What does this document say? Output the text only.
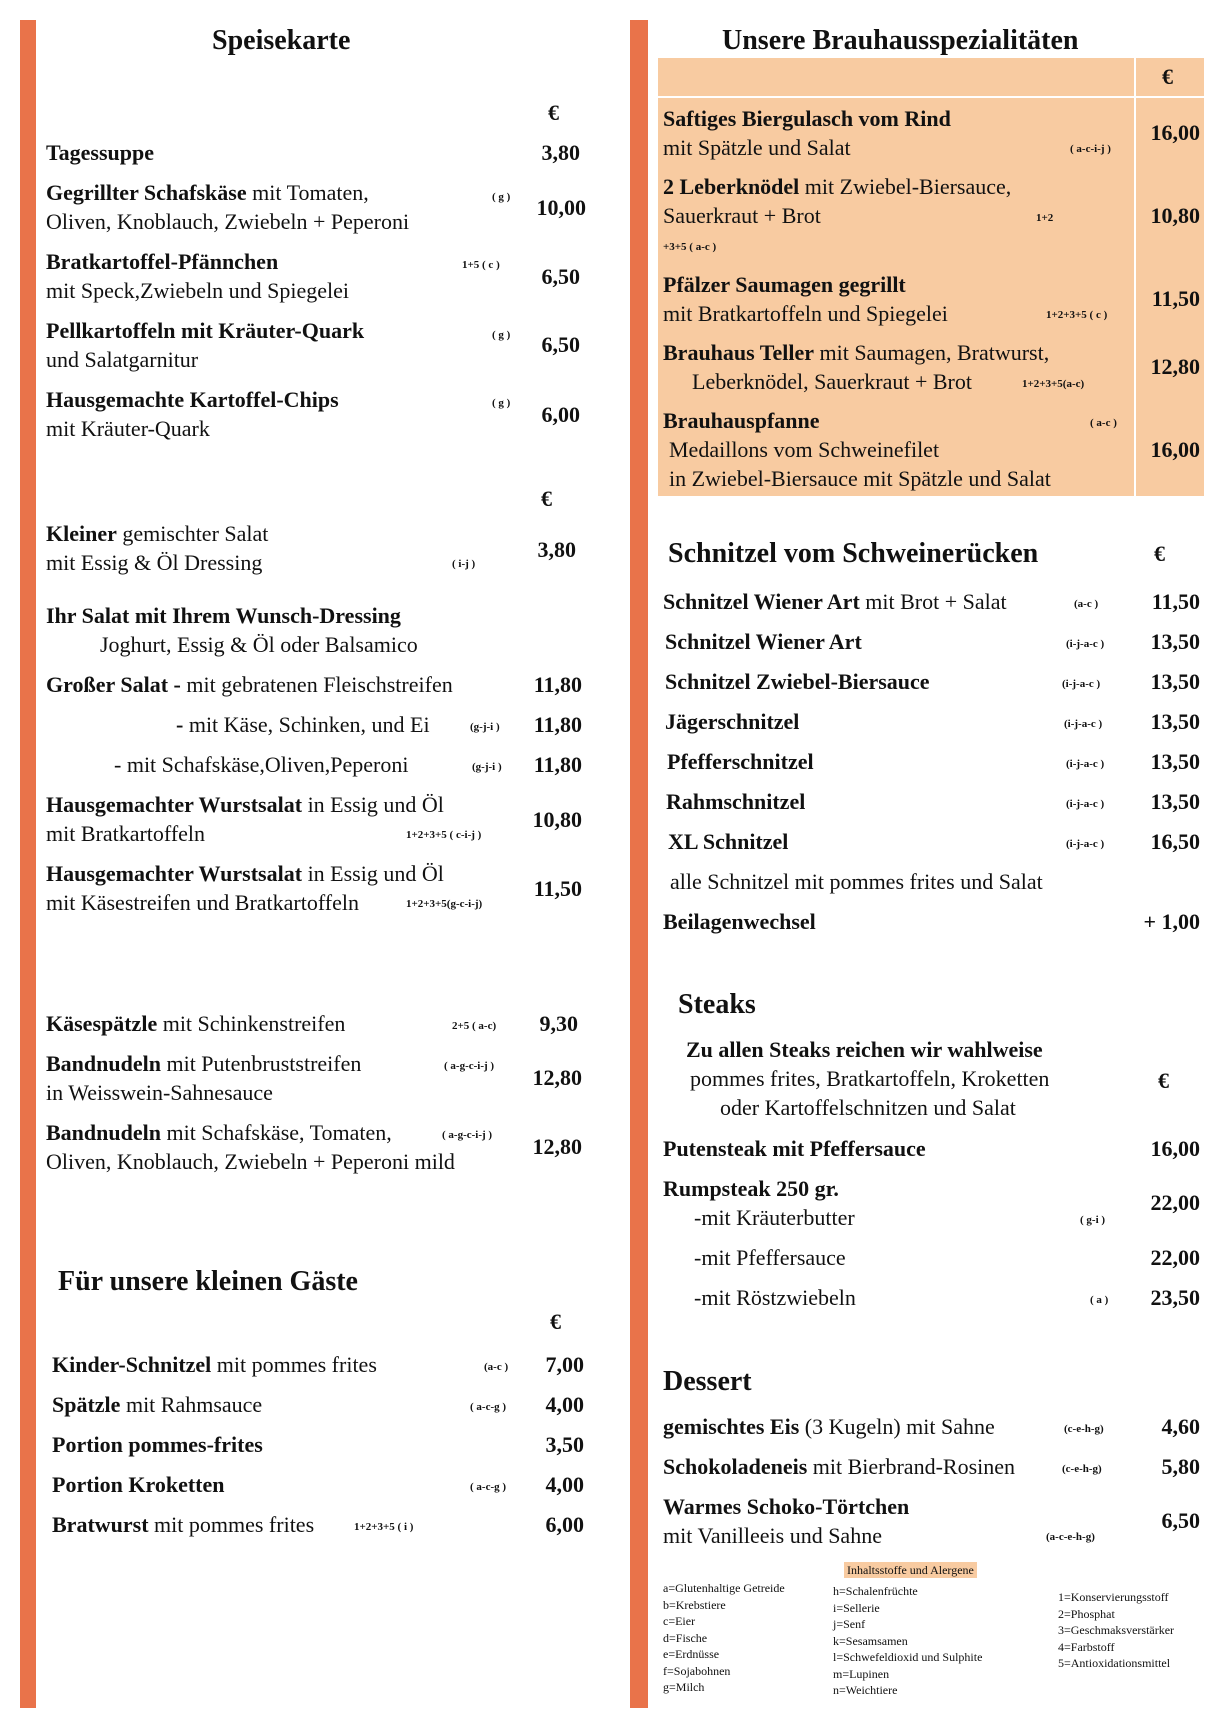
Speisekarte
€
Tagessuppe	3,80
Gegrillter Schafskäse mit Tomaten,
Oliven, Knoblauch, Zwiebeln + Peperoni
( g )	10,00
Bratkartoffel-Pfännchen
mit Speck,Zwiebeln und Spiegelei
1+5 ( c )	6,50
Pellkartoffeln mit Kräuter-Quark
und Salatgarnitur
( g )	6,50
Hausgemachte Kartoffel-Chips
mit Kräuter-Quark
( g )	6,00
€
Kleiner gemischter Salat
mit Essig & Öl Dressing	( i-j )
3,80
Ihr Salat mit Ihrem Wunsch-Dressing
Joghurt, Essig & Öl oder Balsamico
Großer Salat - mit gebratenen Fleischstreifen	11,80
- mit Käse, Schinken, und Ei	(g-j-i )	11,80
- mit Schafskäse,Oliven,Peperoni	(g-j-i )	11,80
Hausgemachter Wurstsalat in Essig und Öl
mit Bratkartoffeln	1+2+3+5 ( c-i-j )
10,80
Hausgemachter Wurstsalat in Essig und Öl
mit Käsestreifen und Bratkartoffeln	1+2+3+5(g-c-i-j)
11,50
Käsespätzle mit Schinkenstreifen	2+5 ( a-c)	9,30
Bandnudeln mit Putenbruststreifen
in Weisswein-Sahnesauce
( a-g-c-i-j )	12,80
Bandnudeln mit Schafskäse, Tomaten,
Oliven, Knoblauch, Zwiebeln + Peperoni mild
( a-g-c-i-j )	12,80
Für unsere kleinen Gäste
€
Kinder-Schnitzel mit pommes frites	(a-c )	7,00
Spätzle mit Rahmsauce	( a-c-g )	4,00
Portion pommes-frites	3,50
Portion Kroketten	( a-c-g )	4,00
Bratwurst mit pommes frites	1+2+3+5 ( i )	6,00
Unsere Brauhausspezialitäten
€
Saftiges Biergulasch vom Rind
mit Spätzle und Salat	( a-c-i-j )
16,00
2 Leberknödel mit Zwiebel-Biersauce,
Sauerkraut + Brot	1+2
+3+5 ( a-c )
10,80
Pfälzer Saumagen gegrillt
mit Bratkartoffeln und Spiegelei	1+2+3+5 ( c )
11,50
Brauhaus Teller mit Saumagen, Bratwurst,
Leberknödel, Sauerkraut + Brot	1+2+3+5(a-c)
12,80
Brauhauspfanne	( a-c )
Medaillons vom Schweinefilet
in Zwiebel-Biersauce mit Spätzle und Salat
16,00
Schnitzel vom Schweinerücken	€
Schnitzel Wiener Art mit Brot + Salat	(a-c )	11,50
Schnitzel Wiener Art	(i-j-a-c )	13,50
Schnitzel Zwiebel-Biersauce	(i-j-a-c )	13,50
Jägerschnitzel	(i-j-a-c )	13,50
Pfefferschnitzel	(i-j-a-c )	13,50
Rahmschnitzel	(i-j-a-c )	13,50
XL Schnitzel	(i-j-a-c )	16,50
alle Schnitzel mit pommes frites und Salat
Beilagenwechsel	+ 1,00
Steaks
Zu allen Steaks reichen wir wahlweise
pommes frites, Bratkartoffeln, Kroketten
oder Kartoffelschnitzen und Salat
€
Putensteak mit Pfeffersauce	16,00
Rumpsteak 250 gr.
-mit Kräuterbutter	( g-i )
22,00
-mit Pfeffersauce	22,00
-mit Röstzwiebeln	( a )	23,50
Dessert
gemischtes Eis (3 Kugeln) mit Sahne	(c-e-h-g)	4,60
Schokoladeneis mit Bierbrand-Rosinen	(c-e-h-g)	5,80
Warmes Schoko-Törtchen
mit Vanilleeis und Sahne	(a-c-e-h-g)
6,50
Inhaltsstoffe und Alergene
a=Glutenhaltige Getreide
b=Krebstiere
c=Eier
d=Fische
e=Erdnüsse
f=Sojabohnen
g=Milch
h=Schalenfrüchte
i=Sellerie
j=Senf
k=Sesamsamen
l=Schwefeldioxid und Sulphite
m=Lupinen
n=Weichtiere
1=Konservierungsstoff
2=Phosphat
3=Geschmaksverstärker
4=Farbstoff
5=Antioxidationsmittel
